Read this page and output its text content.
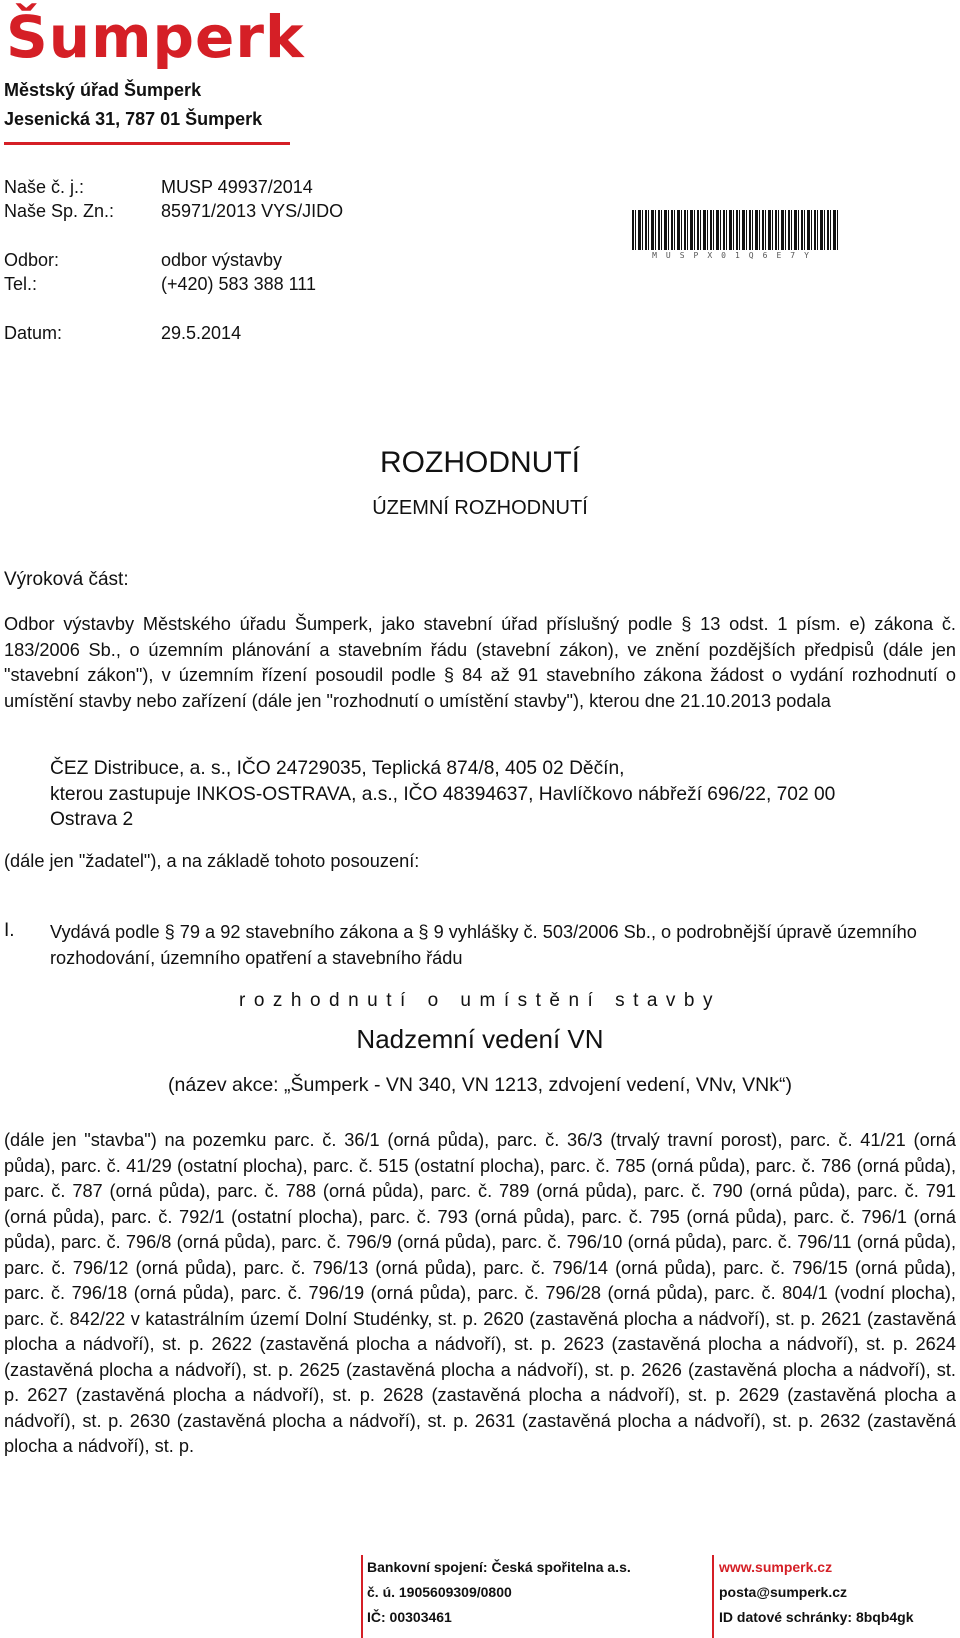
Šumperk
Městský úřad Šumperk
Jesenická 31, 787 01 Šumperk
Naše č. j.:	MUSP 49937/2014
Naše Sp. Zn.:	85971/2013 VYS/JIDO
Odbor:	odbor výstavby
Tel.:	(+420) 583 388 111
Datum:	29.5.2014
MUSPX01Q6E7Y
ROZHODNUTÍ
ÚZEMNÍ ROZHODNUTÍ
Výroková část:
Odbor výstavby Městského úřadu Šumperk, jako stavební úřad příslušný podle § 13 odst. 1 písm. e) zákona č. 183/2006 Sb., o územním plánování a stavebním řádu (stavební zákon), ve znění pozdějších předpisů (dále jen "stavební zákon"), v územním řízení posoudil podle § 84 až 91 stavebního zákona žádost o vydání rozhodnutí o umístění stavby nebo zařízení (dále jen "rozhodnutí o umístění stavby"), kterou dne 21.10.2013 podala
ČEZ Distribuce, a. s., IČO 24729035, Teplická 874/8, 405 02 Děčín,
kterou zastupuje INKOS-OSTRAVA, a.s., IČO 48394637, Havlíčkovo nábřeží 696/22, 702 00
Ostrava 2
(dále jen "žadatel"), a na základě tohoto posouzení:
I. Vydává podle § 79 a 92 stavebního zákona a § 9 vyhlášky č. 503/2006 Sb., o podrobnější úpravě územního rozhodování, územního opatření a stavebního řádu
rozhodnutí o umístění stavby
Nadzemní vedení VN
(název akce: „Šumperk - VN 340, VN 1213, zdvojení vedení, VNv, VNk“)
(dále jen "stavba") na pozemku parc. č. 36/1 (orná půda), parc. č. 36/3 (trvalý travní porost), parc. č. 41/21 (orná půda), parc. č. 41/29 (ostatní plocha), parc. č. 515 (ostatní plocha), parc. č. 785 (orná půda), parc. č. 786 (orná půda), parc. č. 787 (orná půda), parc. č. 788 (orná půda), parc. č. 789 (orná půda), parc. č. 790 (orná půda), parc. č. 791 (orná půda), parc. č. 792/1 (ostatní plocha), parc. č. 793 (orná půda), parc. č. 795 (orná půda), parc. č. 796/1 (orná půda), parc. č. 796/8 (orná půda), parc. č. 796/9 (orná půda), parc. č. 796/10 (orná půda), parc. č. 796/11 (orná půda), parc. č. 796/12 (orná půda), parc. č. 796/13 (orná půda), parc. č. 796/14 (orná půda), parc. č. 796/15 (orná půda), parc. č. 796/18 (orná půda), parc. č. 796/19 (orná půda), parc. č. 796/28 (orná půda), parc. č. 804/1 (vodní plocha), parc. č. 842/22 v katastrálním území Dolní Studénky, st. p. 2620 (zastavěná plocha a nádvoří), st. p. 2621 (zastavěná plocha a nádvoří), st. p. 2622 (zastavěná plocha a nádvoří), st. p. 2623 (zastavěná plocha a nádvoří), st. p. 2624 (zastavěná plocha a nádvoří), st. p. 2625 (zastavěná plocha a nádvoří), st. p. 2626 (zastavěná plocha a nádvoří), st. p. 2627 (zastavěná plocha a nádvoří), st. p. 2628 (zastavěná plocha a nádvoří), st. p. 2629 (zastavěná plocha a nádvoří), st. p. 2630 (zastavěná plocha a nádvoří), st. p. 2631 (zastavěná plocha a nádvoří), st. p. 2632 (zastavěná plocha a nádvoří), st. p.
Bankovní spojení: Česká spořitelna a.s.
č. ú. 1905609309/0800
IČ: 00303461
www.sumperk.cz
posta@sumperk.cz
ID datové schránky: 8bqb4gk
